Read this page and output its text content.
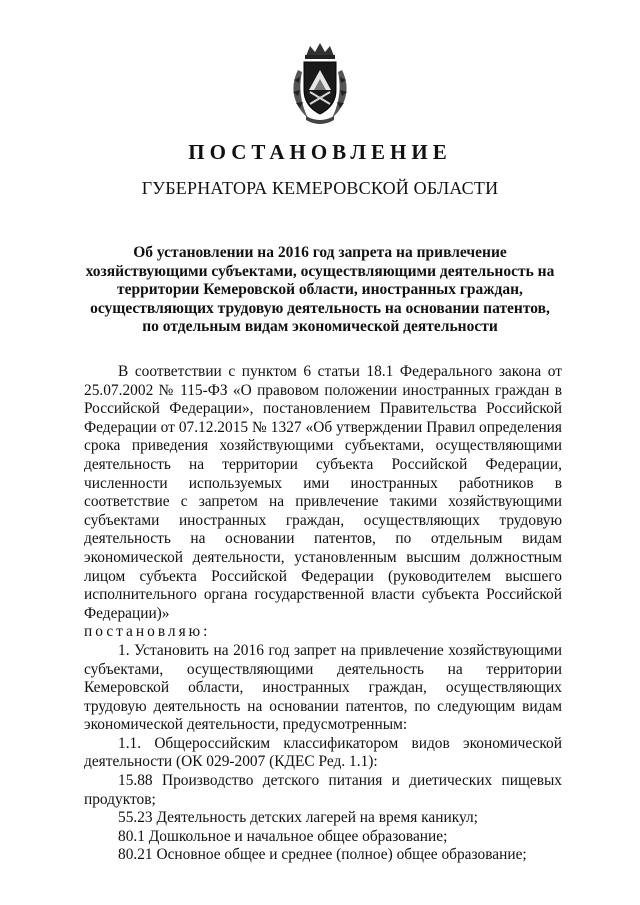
ПОСТАНОВЛЕНИЕ
ГУБЕРНАТОРА КЕМЕРОВСКОЙ ОБЛАСТИ
Об установлении на 2016 год запрета на привлечение хозяйствующими субъектами, осуществляющими деятельность на территории Кемеровской области, иностранных граждан, осуществляющих трудовую деятельность на основании патентов, по отдельным видам экономической деятельности

В соответствии с пунктом 6 статьи 18.1 Федерального закона от 25.07.2002 № 115-ФЗ «О правовом положении иностранных граждан в Российской Федерации», постановлением Правительства Российской Федерации от 07.12.2015 № 1327 «Об утверждении Правил определения срока приведения хозяйствующими субъектами, осуществляющими деятельность на территории субъекта Российской Федерации, численности используемых ими иностранных работников в соответствие с запретом на привлечение такими хозяйствующими субъектами иностранных граждан, осуществляющих трудовую деятельность на основании патентов, по отдельным видам экономической деятельности, установленным высшим должностным лицом субъекта Российской Федерации (руководителем высшего исполнительного органа государственной власти субъекта Российской Федерации)»

постановляю:

1. Установить на 2016 год запрет на привлечение хозяйствующими субъектами, осуществляющими деятельность на территории Кемеровской области, иностранных граждан, осуществляющих трудовую деятельность на основании патентов, по следующим видам экономической деятельности, предусмотренным:

1.1. Общероссийским классификатором видов экономической деятельности (ОК 029-2007 (КДЕС Ред. 1.1):

15.88 Производство детского питания и диетических пищевых продуктов;

55.23 Деятельность детских лагерей на время каникул;

80.1 Дошкольное и начальное общее образование;

80.21 Основное общее и среднее (полное) общее образование;
